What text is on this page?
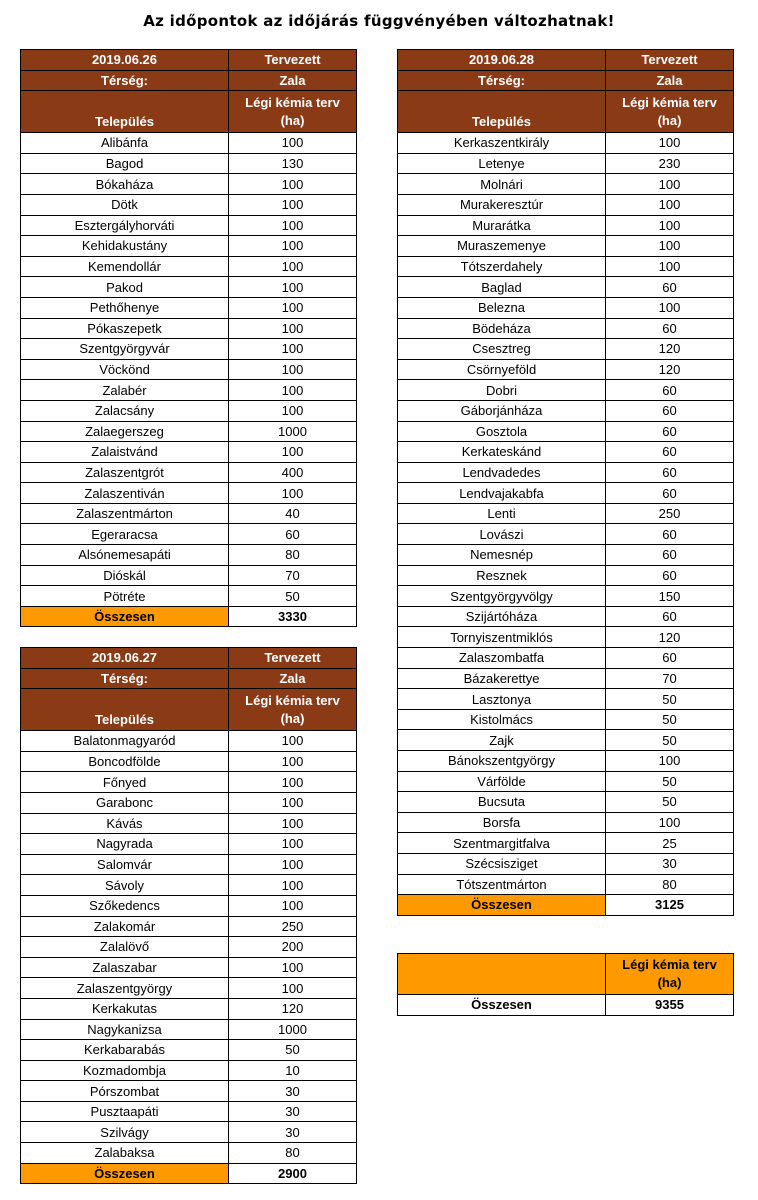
Az időpontok az időjárás függvényében változhatnak!
2019.06.26	Tervezett
Térség:	Zala
Település	Légi kémia terv
(ha)
Alibánfa	100
Bagod	130
Bókaháza	100
Dötk	100
Esztergályhorváti	100
Kehidakustány	100
Kemendollár	100
Pakod	100
Pethőhenye	100
Pókaszepetk	100
Szentgyörgyvár	100
Vöckönd	100
Zalabér	100
Zalacsány	100
Zalaegerszeg	1000
Zalaistvánd	100
Zalaszentgrót	400
Zalaszentiván	100
Zalaszentmárton	40
Egeraracsa	60
Alsónemesapáti	80
Dióskál	70
Pötréte	50
Összesen	3330
2019.06.27	Tervezett
Térség:	Zala
Település	Légi kémia terv
(ha)
Balatonmagyaród	100
Boncodfölde	100
Főnyed	100
Garabonc	100
Kávás	100
Nagyrada	100
Salomvár	100
Sávoly	100
Szőkedencs	100
Zalakomár	250
Zalalövő	200
Zalaszabar	100
Zalaszentgyörgy	100
Kerkakutas	120
Nagykanizsa	1000
Kerkabarabás	50
Kozmadombja	10
Pórszombat	30
Pusztaapáti	30
Szilvágy	30
Zalabaksa	80
Összesen	2900
2019.06.28	Tervezett
Térség:	Zala
Település	Légi kémia terv
(ha)
Kerkaszentkirály	100
Letenye	230
Molnári	100
Murakeresztúr	100
Murarátka	100
Muraszemenye	100
Tótszerdahely	100
Baglad	60
Belezna	100
Bödeháza	60
Csesztreg	120
Csörnyeföld	120
Dobri	60
Gáborjánháza	60
Gosztola	60
Kerkateskánd	60
Lendvadedes	60
Lendvajakabfa	60
Lenti	250
Lovászi	60
Nemesnép	60
Resznek	60
Szentgyörgyvölgy	150
Szijártóháza	60
Tornyiszentmiklós	120
Zalaszombatfa	60
Bázakerettye	70
Lasztonya	50
Kistolmács	50
Zajk	50
Bánokszentgyörgy	100
Várfölde	50
Bucsuta	50
Borsfa	100
Szentmargitfalva	25
Szécsisziget	30
Tótszentmárton	80
Összesen	3125
	Légi kémia terv
(ha)
Összesen	9355
